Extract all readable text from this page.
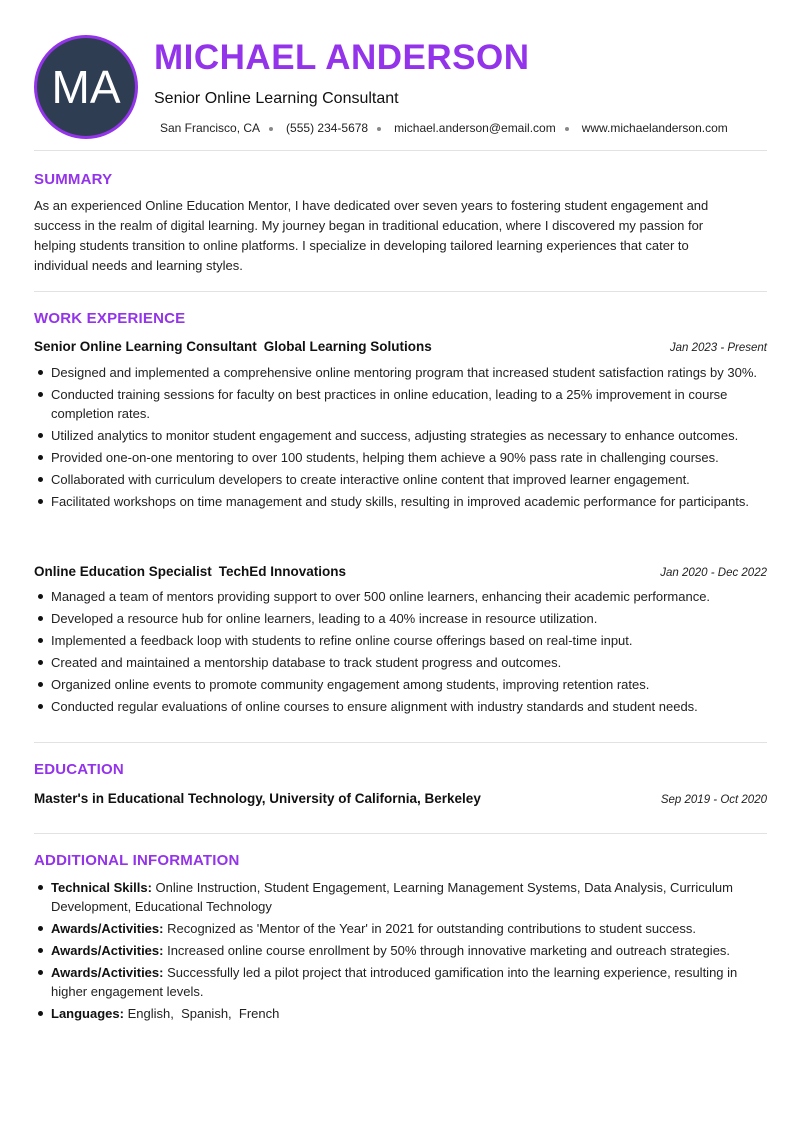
MA
MICHAEL ANDERSON
Senior Online Learning Consultant
San Francisco, CA (555) 234-5678 michael.anderson@email.com www.michaelanderson.com
SUMMARY

As an experienced Online Education Mentor, I have dedicated over seven years to fostering student engagement and success in the realm of digital learning. My journey began in traditional education, where I discovered my passion for helping students transition to online platforms. I specialize in developing tailored learning experiences that cater to individual needs and learning styles.

WORK EXPERIENCE
Senior Online Learning Consultant Global Learning Solutions	Jan 2023 - Present
Designed and implemented a comprehensive online mentoring program that increased student satisfaction ratings by 30%.
Conducted training sessions for faculty on best practices in online education, leading to a 25% improvement in course completion rates.
Utilized analytics to monitor student engagement and success, adjusting strategies as necessary to enhance outcomes.
Provided one-on-one mentoring to over 100 students, helping them achieve a 90% pass rate in challenging courses.
Collaborated with curriculum developers to create interactive online content that improved learner engagement.
Facilitated workshops on time management and study skills, resulting in improved academic performance for participants.
Online Education Specialist TechEd Innovations	Jan 2020 - Dec 2022
Managed a team of mentors providing support to over 500 online learners, enhancing their academic performance.
Developed a resource hub for online learners, leading to a 40% increase in resource utilization.
Implemented a feedback loop with students to refine online course offerings based on real-time input.
Created and maintained a mentorship database to track student progress and outcomes.
Organized online events to promote community engagement among students, improving retention rates.
Conducted regular evaluations of online courses to ensure alignment with industry standards and student needs.
EDUCATION
Master's in Educational Technology, University of California, Berkeley	Sep 2019 - Oct 2020
ADDITIONAL INFORMATION
Technical Skills: Online Instruction, Student Engagement, Learning Management Systems, Data Analysis, Curriculum Development, Educational Technology
Awards/Activities: Recognized as 'Mentor of the Year' in 2021 for outstanding contributions to student success.
Awards/Activities: Increased online course enrollment by 50% through innovative marketing and outreach strategies.
Awards/Activities: Successfully led a pilot project that introduced gamification into the learning experience, resulting in higher engagement levels.
Languages: English,  Spanish,  French
